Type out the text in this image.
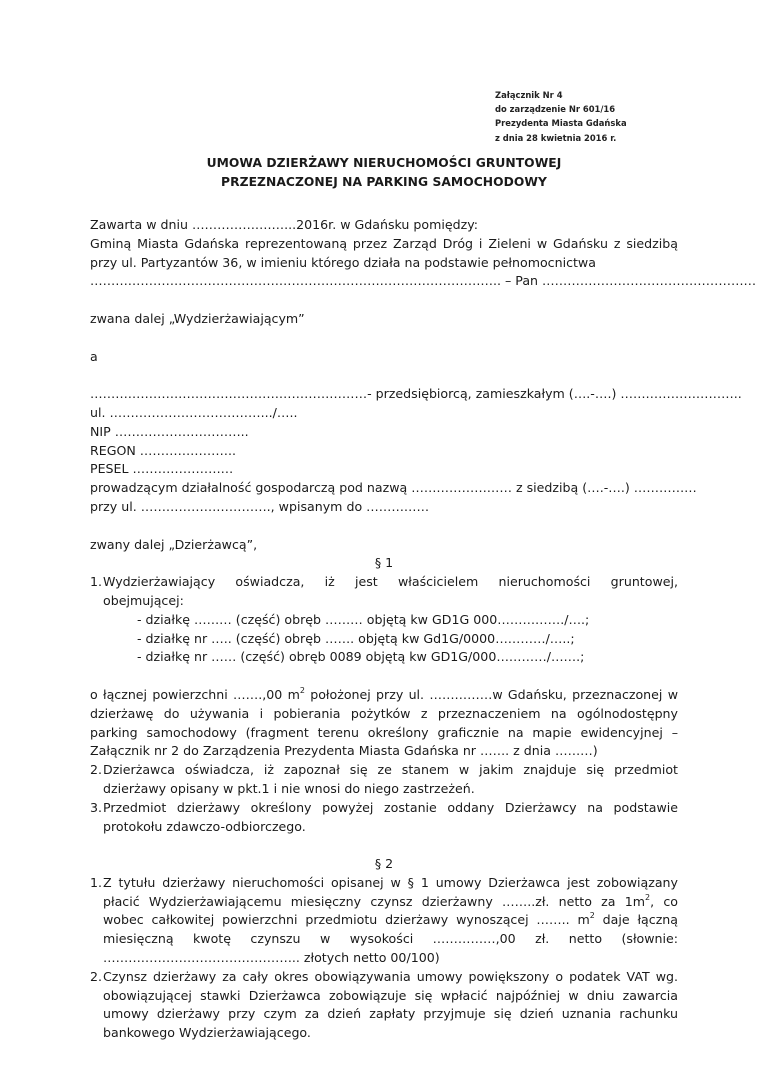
Załącznik Nr 4
do zarządzenie Nr 601/16
Prezydenta Miasta Gdańska
z dnia 28 kwietnia 2016 r.
UMOWA DZIERŻAWY NIERUCHOMOŚCI GRUNTOWEJ
PRZEZNACZONEJ NA PARKING SAMOCHODOWY
Zawarta w dniu ……………….…...2016r. w Gdańsku pomiędzy:
Gminą Miasta Gdańska reprezentowaną przez Zarząd Dróg i Zieleni w Gdańsku z siedzibą
przy ul. Partyzantów 36, w imieniu którego działa na podstawie pełnomocnictwa
…………………………………………………………………………………….. – Pan ……………………………………………
zwana dalej „Wydzierżawiającym”
a
…………………………………………………………- przedsiębiorcą, zamieszkałym (….-….) ………………………..
ul. ……………………………….../…..
NIP …………………………..
REGON …………………..
PESEL ……………………
prowadzącym działalność gospodarczą pod nazwą …………………… z siedzibą (….-….) ……………
przy ul. …………………………., wpisanym do ……………
zwany dalej „Dzierżawcą”,
§ 1
1. Wydzierżawiający oświadcza, iż jest właścicielem nieruchomości gruntowej,
obejmującej:
- działkę ……… (część) obręb ……… objętą kw GD1G 000……………./….;
- działkę nr ….. (część) obręb ……. objętą kw Gd1G/0000…………/…..;
- działkę nr …… (część) obręb 0089 objętą kw GD1G/000…………/…….;
o łącznej powierzchni …….,00 $m^2$ położonej przy ul. ……………w Gdańsku, przeznaczonej w
dzierżawę do używania i pobierania pożytków z przeznaczeniem na ogólnodostępny
parking samochodowy (fragment terenu określony graficznie na mapie ewidencyjnej –
Załącznik nr 2 do Zarządzenia Prezydenta Miasta Gdańska nr ……. z dnia ………)
2. Dzierżawca oświadcza, iż zapoznał się ze stanem w jakim znajduje się przedmiot
dzierżawy opisany w pkt.1 i nie wnosi do niego zastrzeżeń.
3. Przedmiot dzierżawy określony powyżej zostanie oddany Dzierżawcy na podstawie
protokołu zdawczo-odbiorczego.
§ 2
1. Z tytułu dzierżawy nieruchomości opisanej w § 1 umowy Dzierżawca jest zobowiązany
płacić Wydzierżawiającemu miesięczny czynsz dzierżawny ……..zł. netto za $1m^2$, co
wobec całkowitej powierzchni przedmiotu dzierżawy wynoszącej …….. $m^2$ daje łączną
miesięczną kwotę czynszu w wysokości ……………,00 zł. netto (słownie:
……………………………………….. złotych netto 00/100)
2. Czynsz dzierżawy za cały okres obowiązywania umowy powiększony o podatek VAT wg.
obowiązującej stawki Dzierżawca zobowiązuje się wpłacić najpóźniej w dniu zawarcia
umowy dzierżawy przy czym za dzień zapłaty przyjmuje się dzień uznania rachunku
bankowego Wydzierżawiającego.
